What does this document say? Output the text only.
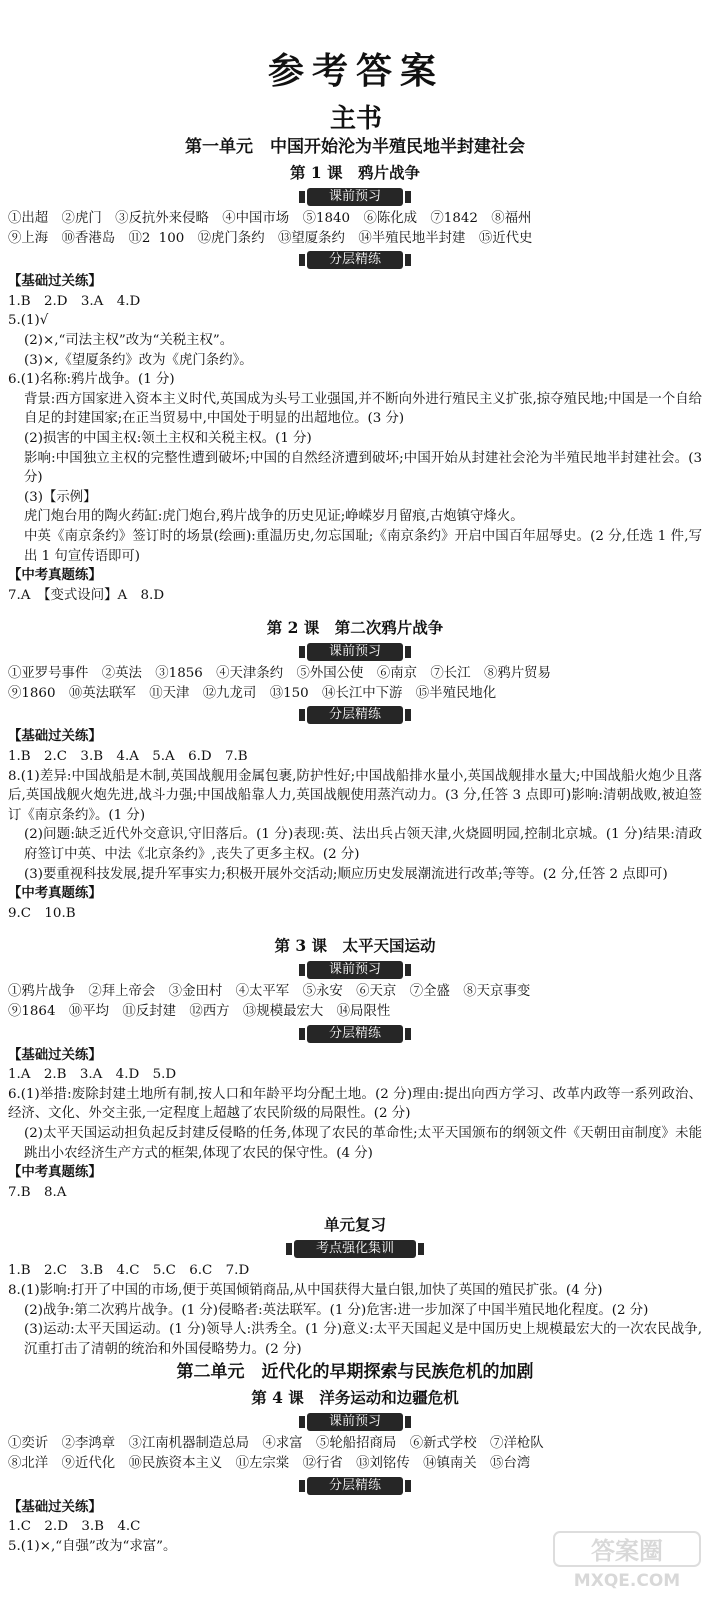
参考答案
主书
第一单元　中国开始沦为半殖民地半封建社会
第 1 课　鸦片战争
课前预习
①出超　②虎门　③反抗外来侵略　④中国市场　⑤1840　⑥陈化成　⑦1842　⑧福州
⑨上海　⑩香港岛　⑪2 100　⑫虎门条约　⑬望厦条约　⑭半殖民地半封建　⑮近代史
分层精练
【基础过关练】
1.B　2.D　3.A　4.D
5.(1)√
(2)×,“司法主权”改为“关税主权”。
(3)×,《望厦条约》改为《虎门条约》。
6.(1)名称:鸦片战争。(1 分)
背景:西方国家进入资本主义时代,英国成为头号工业强国,并不断向外进行殖民主义扩张,掠夺殖民地;中国是一个自给自足的封建国家;在正当贸易中,中国处于明显的出超地位。(3 分)
(2)损害的中国主权:领土主权和关税主权。(1 分)
影响:中国独立主权的完整性遭到破坏;中国的自然经济遭到破坏;中国开始从封建社会沦为半殖民地半封建社会。(3 分)
(3)【示例】
虎门炮台用的陶火药缸:虎门炮台,鸦片战争的历史见证;峥嵘岁月留痕,古炮镇守烽火。
中英《南京条约》签订时的场景(绘画):重温历史,勿忘国耻;《南京条约》开启中国百年屈辱史。(2 分,任选 1 件,写出 1 句宣传语即可)
【中考真题练】
7.A　【变式设问】A　8.D
第 2 课　第二次鸦片战争
课前预习
①亚罗号事件　②英法　③1856　④天津条约　⑤外国公使　⑥南京　⑦长江　⑧鸦片贸易
⑨1860　⑩英法联军　⑪天津　⑫九龙司　⑬150　⑭长江中下游　⑮半殖民地化
分层精练
【基础过关练】
1.B　2.C　3.B　4.A　5.A　6.D　7.B
8.(1)差异:中国战船是木制,英国战舰用金属包裹,防护性好;中国战船排水量小,英国战舰排水量大;中国战船火炮少且落后,英国战舰火炮先进,战斗力强;中国战船靠人力,英国战舰使用蒸汽动力。(3 分,任答 3 点即可)影响:清朝战败,被迫签订《南京条约》。(1 分)
(2)问题:缺乏近代外交意识,守旧落后。(1 分)表现:英、法出兵占领天津,火烧圆明园,控制北京城。(1 分)结果:清政府签订中英、中法《北京条约》,丧失了更多主权。(2 分)
(3)要重视科技发展,提升军事实力;积极开展外交活动;顺应历史发展潮流进行改革;等等。(2 分,任答 2 点即可)
【中考真题练】
9.C　10.B
第 3 课　太平天国运动
课前预习
①鸦片战争　②拜上帝会　③金田村　④太平军　⑤永安　⑥天京　⑦全盛　⑧天京事变
⑨1864　⑩平均　⑪反封建　⑫西方　⑬规模最宏大　⑭局限性
分层精练
【基础过关练】
1.A　2.B　3.A　4.D　5.D
6.(1)举措:废除封建土地所有制,按人口和年龄平均分配土地。(2 分)理由:提出向西方学习、改革内政等一系列政治、经济、文化、外交主张,一定程度上超越了农民阶级的局限性。(2 分)
(2)太平天国运动担负起反封建反侵略的任务,体现了农民的革命性;太平天国颁布的纲领文件《天朝田亩制度》未能跳出小农经济生产方式的框架,体现了农民的保守性。(4 分)
【中考真题练】
7.B　8.A
单元复习
考点强化集训
1.B　2.C　3.B　4.C　5.C　6.C　7.D
8.(1)影响:打开了中国的市场,便于英国倾销商品,从中国获得大量白银,加快了英国的殖民扩张。(4 分)
(2)战争:第二次鸦片战争。(1 分)侵略者:英法联军。(1 分)危害:进一步加深了中国半殖民地化程度。(2 分)
(3)运动:太平天国运动。(1 分)领导人:洪秀全。(1 分)意义:太平天国起义是中国历史上规模最宏大的一次农民战争,沉重打击了清朝的统治和外国侵略势力。(2 分)
第二单元　近代化的早期探索与民族危机的加剧
第 4 课　洋务运动和边疆危机
课前预习
①奕䜣　②李鸿章　③江南机器制造总局　④求富　⑤轮船招商局　⑥新式学校　⑦洋枪队
⑧北洋　⑨近代化　⑩民族资本主义　⑪左宗棠　⑫行省　⑬刘铭传　⑭镇南关　⑮台湾
分层精练
【基础过关练】
1.C　2.D　3.B　4.C
5.(1)×,“自强”改为“求富”。	答案圈
MXQE.COM
